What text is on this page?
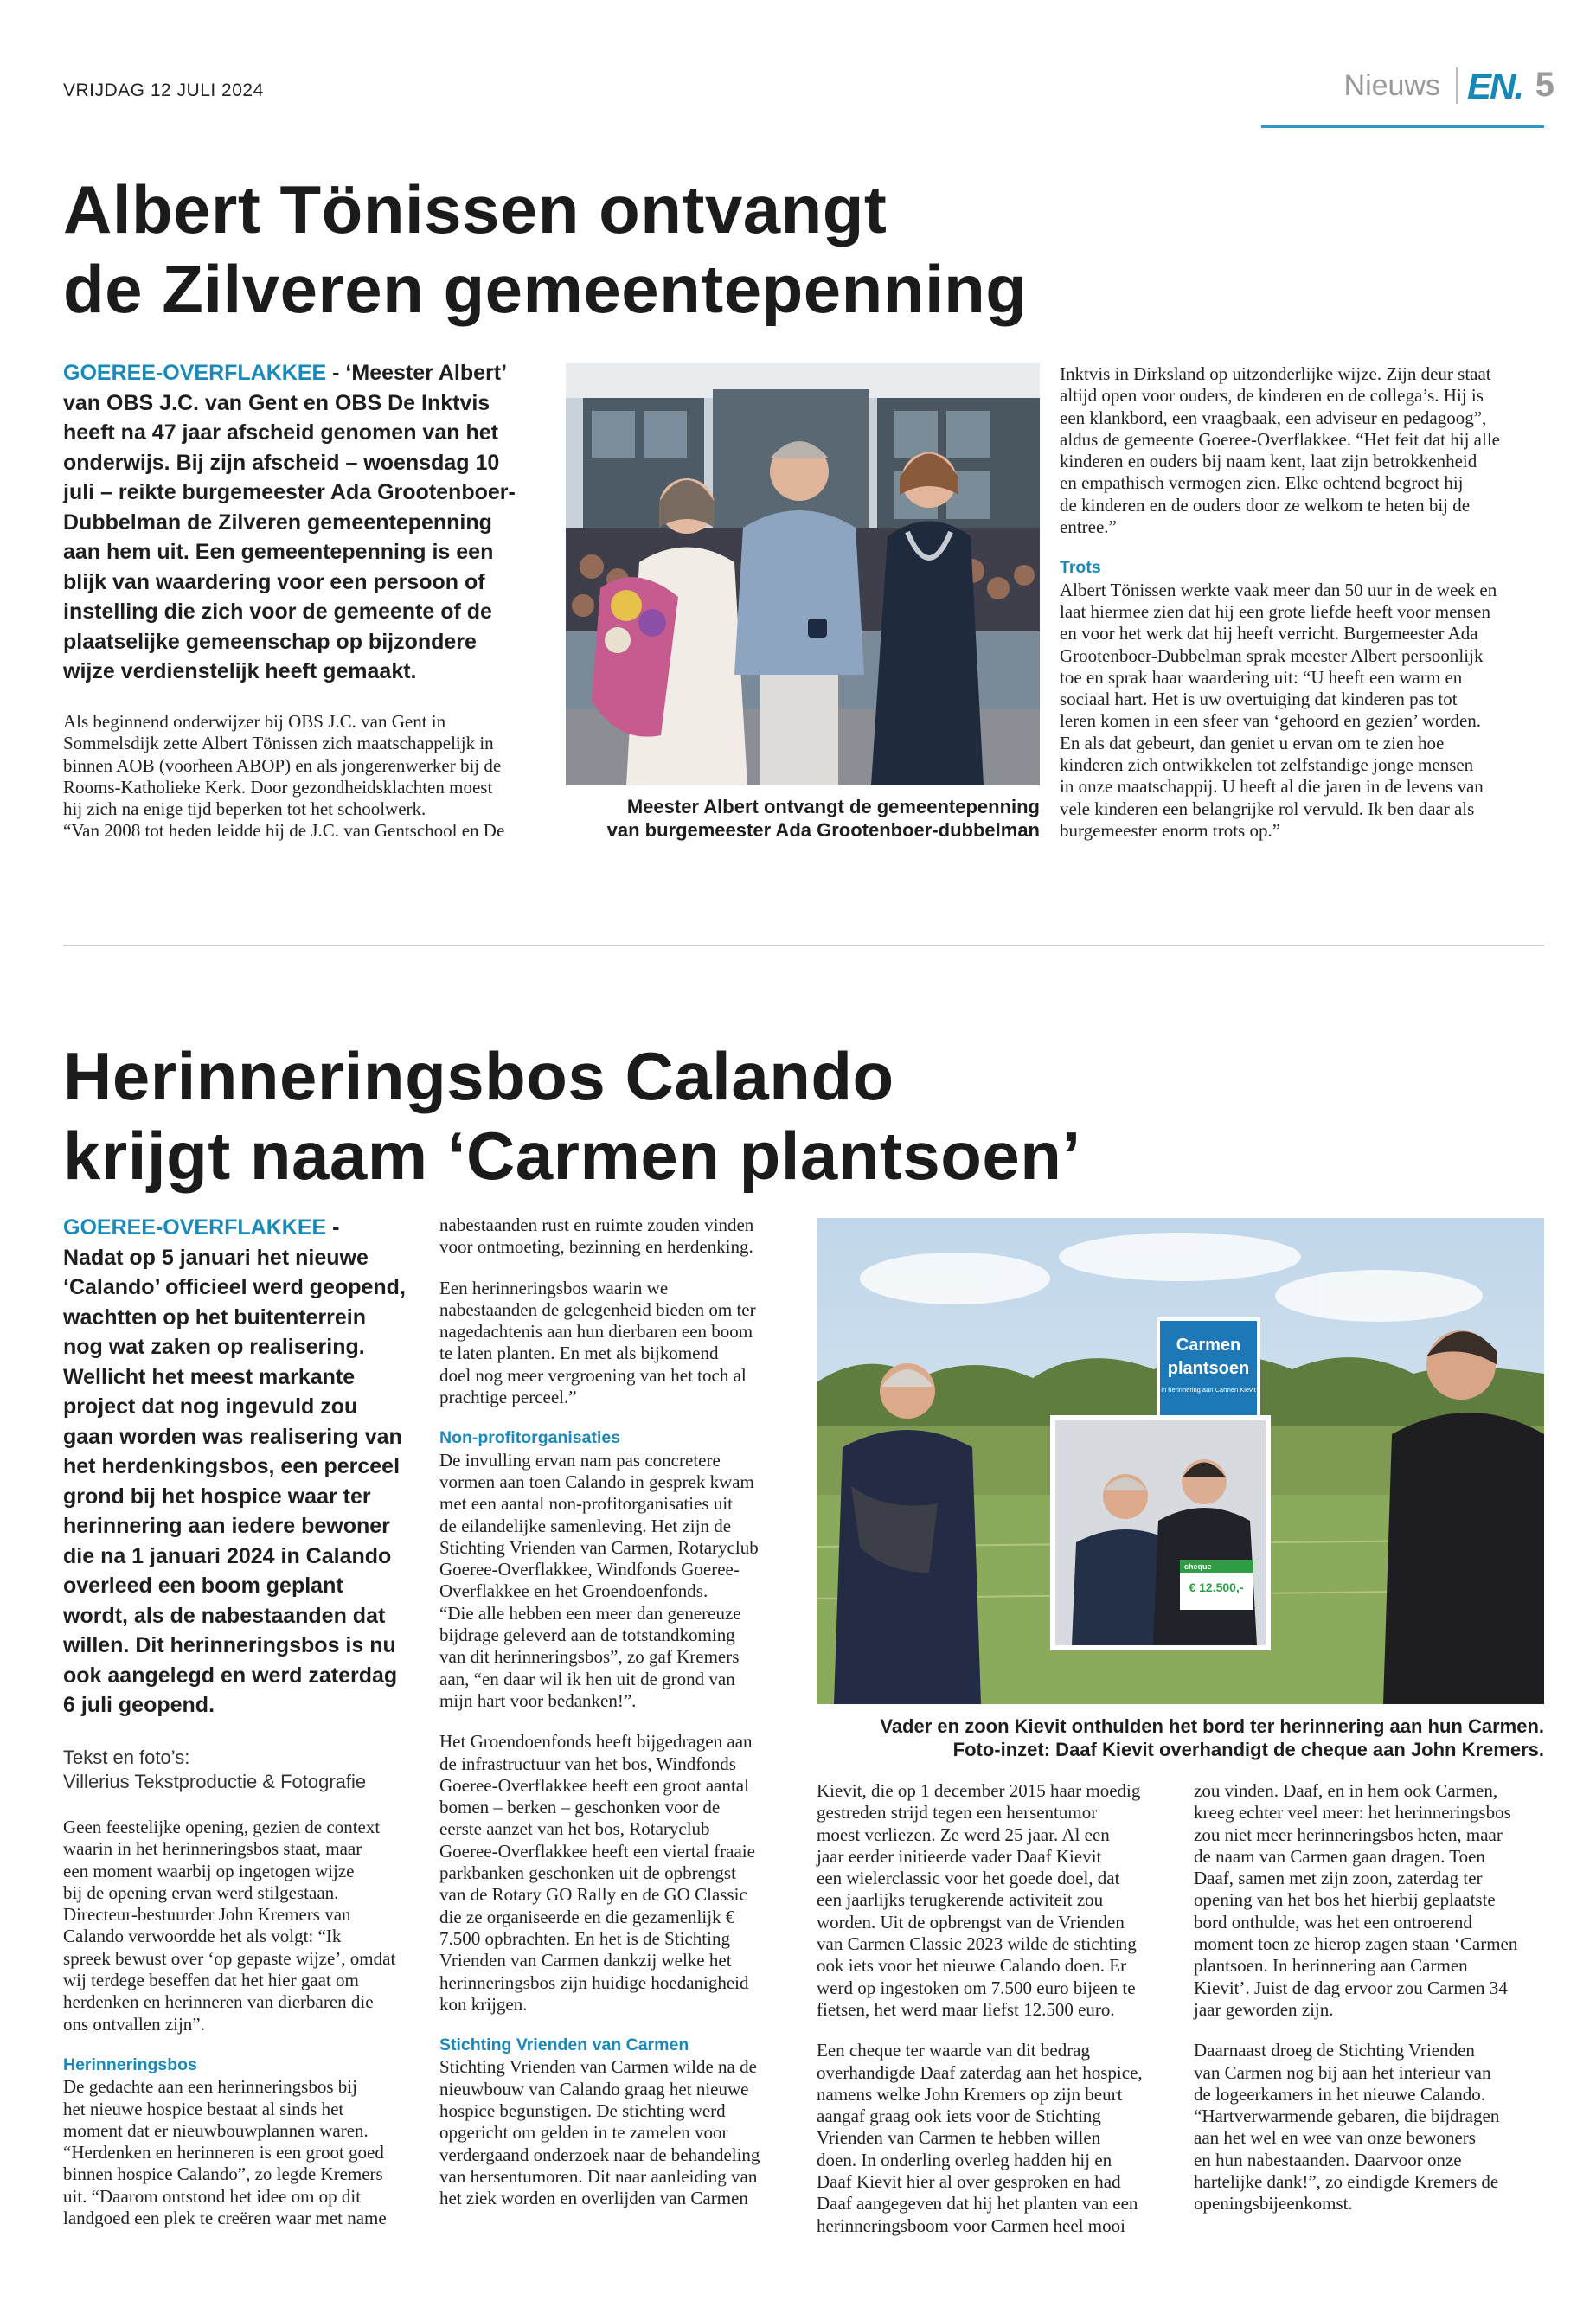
VRIJDAG 12 JULI 2024	Nieuws EN. 5
Albert Tönissen ontvangt
de Zilveren gemeentepenning
GOEREE-OVERFLAKKEE - ‘Meester Albert’
van OBS J.C. van Gent en OBS De Inktvis
heeft na 47 jaar afscheid genomen van het
onderwijs. Bij zijn afscheid – woensdag 10
juli – reikte burgemeester Ada Grootenboer-
Dubbelman de Zilveren gemeentepenning
aan hem uit. Een gemeentepenning is een
blijk van waardering voor een persoon of
instelling die zich voor de gemeente of de
plaatselijke gemeenschap op bijzondere
wijze verdienstelijk heeft gemaakt.
Als beginnend onderwijzer bij OBS J.C. van Gent in
Sommelsdijk zette Albert Tönissen zich maatschappelijk in
binnen AOB (voorheen ABOP) en als jongerenwerker bij de
Rooms-Katholieke Kerk. Door gezondheidsklachten moest
hij zich na enige tijd beperken tot het schoolwerk.
“Van 2008 tot heden leidde hij de J.C. van Gentschool en De
Meester Albert ontvangt de gemeentepenning
van burgemeester Ada Grootenboer-dubbelman
Inktvis in Dirksland op uitzonderlijke wijze. Zijn deur staat
altijd open voor ouders, de kinderen en de collega’s. Hij is
een klankbord, een vraagbaak, een adviseur en pedagoog”,
aldus de gemeente Goeree-Overflakkee. “Het feit dat hij alle
kinderen en ouders bij naam kent, laat zijn betrokkenheid
en empathisch vermogen zien. Elke ochtend begroet hij
de kinderen en de ouders door ze welkom te heten bij de
entree.”
Trots
Albert Tönissen werkte vaak meer dan 50 uur in de week en
laat hiermee zien dat hij een grote liefde heeft voor mensen
en voor het werk dat hij heeft verricht. Burgemeester Ada
Grootenboer-Dubbelman sprak meester Albert persoonlijk
toe en sprak haar waardering uit: “U heeft een warm en
sociaal hart. Het is uw overtuiging dat kinderen pas tot
leren komen in een sfeer van ‘gehoord en gezien’ worden.
En als dat gebeurt, dan geniet u ervan om te zien hoe
kinderen zich ontwikkelen tot zelfstandige jonge mensen
in onze maatschappij. U heeft al die jaren in de levens van
vele kinderen een belangrijke rol vervuld. Ik ben daar als
burgemeester enorm trots op.”
Herinneringsbos Calando
krijgt naam ‘Carmen plantsoen’
GOEREE-OVERFLAKKEE -
Nadat op 5 januari het nieuwe
‘Calando’ officieel werd geopend,
wachtten op het buitenterrein
nog wat zaken op realisering.
Wellicht het meest markante
project dat nog ingevuld zou
gaan worden was realisering van
het herdenkingsbos, een perceel
grond bij het hospice waar ter
herinnering aan iedere bewoner
die na 1 januari 2024 in Calando
overleed een boom geplant
wordt, als de nabestaanden dat
willen. Dit herinneringsbos is nu
ook aangelegd en werd zaterdag
6 juli geopend.
Tekst en foto’s:
Villerius Tekstproductie & Fotografie
Geen feestelijke opening, gezien de context
waarin in het herinneringsbos staat, maar
een moment waarbij op ingetogen wijze
bij de opening ervan werd stilgestaan.
Directeur-bestuurder John Kremers van
Calando verwoordde het als volgt: “Ik
spreek bewust over ‘op gepaste wijze’, omdat
wij terdege beseffen dat het hier gaat om
herdenken en herinneren van dierbaren die
ons ontvallen zijn”.
Herinneringsbos
De gedachte aan een herinneringsbos bij
het nieuwe hospice bestaat al sinds het
moment dat er nieuwbouwplannen waren.
“Herdenken en herinneren is een groot goed
binnen hospice Calando”, zo legde Kremers
uit. “Daarom ontstond het idee om op dit
landgoed een plek te creëren waar met name
nabestaanden rust en ruimte zouden vinden
voor ontmoeting, bezinning en herdenking.
Een herinneringsbos waarin we
nabestaanden de gelegenheid bieden om ter
nagedachtenis aan hun dierbaren een boom
te laten planten. En met als bijkomend
doel nog meer vergroening van het toch al
prachtige perceel.”
Non-profitorganisaties
De invulling ervan nam pas concretere
vormen aan toen Calando in gesprek kwam
met een aantal non-profitorganisaties uit
de eilandelijke samenleving. Het zijn de
Stichting Vrienden van Carmen, Rotaryclub
Goeree-Overflakkee, Windfonds Goeree-
Overflakkee en het Groendoenfonds.
“Die alle hebben een meer dan genereuze
bijdrage geleverd aan de totstandkoming
van dit herinneringsbos”, zo gaf Kremers
aan, “en daar wil ik hen uit de grond van
mijn hart voor bedanken!”.
Het Groendoenfonds heeft bijgedragen aan
de infrastructuur van het bos, Windfonds
Goeree-Overflakkee heeft een groot aantal
bomen – berken – geschonken voor de
eerste aanzet van het bos, Rotaryclub
Goeree-Overflakkee heeft een viertal fraaie
parkbanken geschonken uit de opbrengst
van de Rotary GO Rally en de GO Classic
die ze organiseerde en die gezamenlijk €
7.500 opbrachten. En het is de Stichting
Vrienden van Carmen dankzij welke het
herinneringsbos zijn huidige hoedanigheid
kon krijgen.
Stichting Vrienden van Carmen
Stichting Vrienden van Carmen wilde na de
nieuwbouw van Calando graag het nieuwe
hospice begunstigen. De stichting werd
opgericht om gelden in te zamelen voor
verdergaand onderzoek naar de behandeling
van hersentumoren. Dit naar aanleiding van
het ziek worden en overlijden van Carmen
Carmen
plantsoen
in herinnering aan Carmen Kievit
cheque
€ 12.500,-
Vader en zoon Kievit onthulden het bord ter herinnering aan hun Carmen.
Foto-inzet: Daaf Kievit overhandigt de cheque aan John Kremers.
Kievit, die op 1 december 2015 haar moedig
gestreden strijd tegen een hersentumor
moest verliezen. Ze werd 25 jaar. Al een
jaar eerder initieerde vader Daaf Kievit
een wielerclassic voor het goede doel, dat
een jaarlijks terugkerende activiteit zou
worden. Uit de opbrengst van de Vrienden
van Carmen Classic 2023 wilde de stichting
ook iets voor het nieuwe Calando doen. Er
werd op ingestoken om 7.500 euro bijeen te
fietsen, het werd maar liefst 12.500 euro.
Een cheque ter waarde van dit bedrag
overhandigde Daaf zaterdag aan het hospice,
namens welke John Kremers op zijn beurt
aangaf graag ook iets voor de Stichting
Vrienden van Carmen te hebben willen
doen. In onderling overleg hadden hij en
Daaf Kievit hier al over gesproken en had
Daaf aangegeven dat hij het planten van een
herinneringsboom voor Carmen heel mooi
zou vinden. Daaf, en in hem ook Carmen,
kreeg echter veel meer: het herinneringsbos
zou niet meer herinneringsbos heten, maar
de naam van Carmen gaan dragen. Toen
Daaf, samen met zijn zoon, zaterdag ter
opening van het bos het hierbij geplaatste
bord onthulde, was het een ontroerend
moment toen ze hierop zagen staan ‘Carmen
plantsoen. In herinnering aan Carmen
Kievit’. Juist de dag ervoor zou Carmen 34
jaar geworden zijn.
Daarnaast droeg de Stichting Vrienden
van Carmen nog bij aan het interieur van
de logeerkamers in het nieuwe Calando.
“Hartverwarmende gebaren, die bijdragen
aan het wel en wee van onze bewoners
en hun nabestaanden. Daarvoor onze
hartelijke dank!”, zo eindigde Kremers de
openingsbijeenkomst.
